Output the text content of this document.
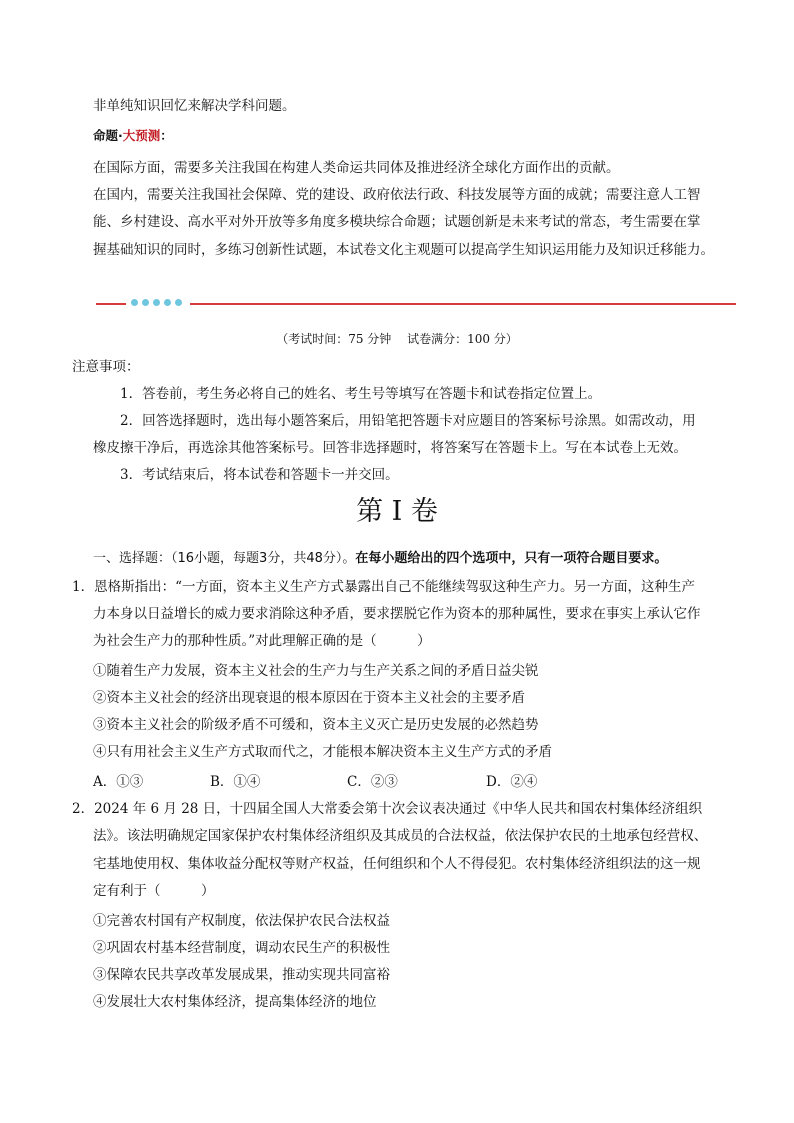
非单纯知识回忆来解决学科问题。
命题·大预测：
在国际方面，需要多关注我国在构建人类命运共同体及推进经济全球化方面作出的贡献。
在国内，需要关注我国社会保障、党的建设、政府依法行政、科技发展等方面的成就；需要注意人工智
能、乡村建设、高水平对外开放等多角度多模块综合命题；试题创新是未来考试的常态，考生需要在掌
握基础知识的同时，多练习创新性试题，本试卷文化主观题可以提高学生知识运用能力及知识迁移能力。
（考试时间：75 分钟　 试卷满分：100 分）
注意事项：
1．答卷前，考生务必将自己的姓名、考生号等填写在答题卡和试卷指定位置上。
2．回答选择题时，选出每小题答案后，用铅笔把答题卡对应题目的答案标号涂黑。如需改动，用
橡皮擦干净后，再选涂其他答案标号。回答非选择题时，将答案写在答题卡上。写在本试卷上无效。
3．考试结束后，将本试卷和答题卡一并交回。
第 I 卷
一、选择题：（16小题，每题3分，共48分）。在每小题给出的四个选项中，只有一项符合题目要求。
1．恩格斯指出：“一方面，资本主义生产方式暴露出自己不能继续驾驭这种生产力。另一方面，这种生产
力本身以日益增长的威力要求消除这种矛盾，要求摆脱它作为资本的那种属性，要求在事实上承认它作
为社会生产力的那种性质。”对此理解正确的是（　　　）
①随着生产力发展，资本主义社会的生产力与生产关系之间的矛盾日益尖锐
②资本主义社会的经济出现衰退的根本原因在于资本主义社会的主要矛盾
③资本主义社会的阶级矛盾不可缓和，资本主义灭亡是历史发展的必然趋势
④只有用社会主义生产方式取而代之，才能根本解决资本主义生产方式的矛盾
A．①③	B．①④	C．②③	D．②④
2．2024 年 6 月 28 日，十四届全国人大常委会第十次会议表决通过《中华人民共和国农村集体经济组织
法》。该法明确规定国家保护农村集体经济组织及其成员的合法权益，依法保护农民的土地承包经营权、
宅基地使用权、集体收益分配权等财产权益，任何组织和个人不得侵犯。农村集体经济组织法的这一规
定有利于（　　　）
①完善农村国有产权制度，依法保护农民合法权益
②巩固农村基本经营制度，调动农民生产的积极性
③保障农民共享改革发展成果，推动实现共同富裕
④发展壮大农村集体经济，提高集体经济的地位
